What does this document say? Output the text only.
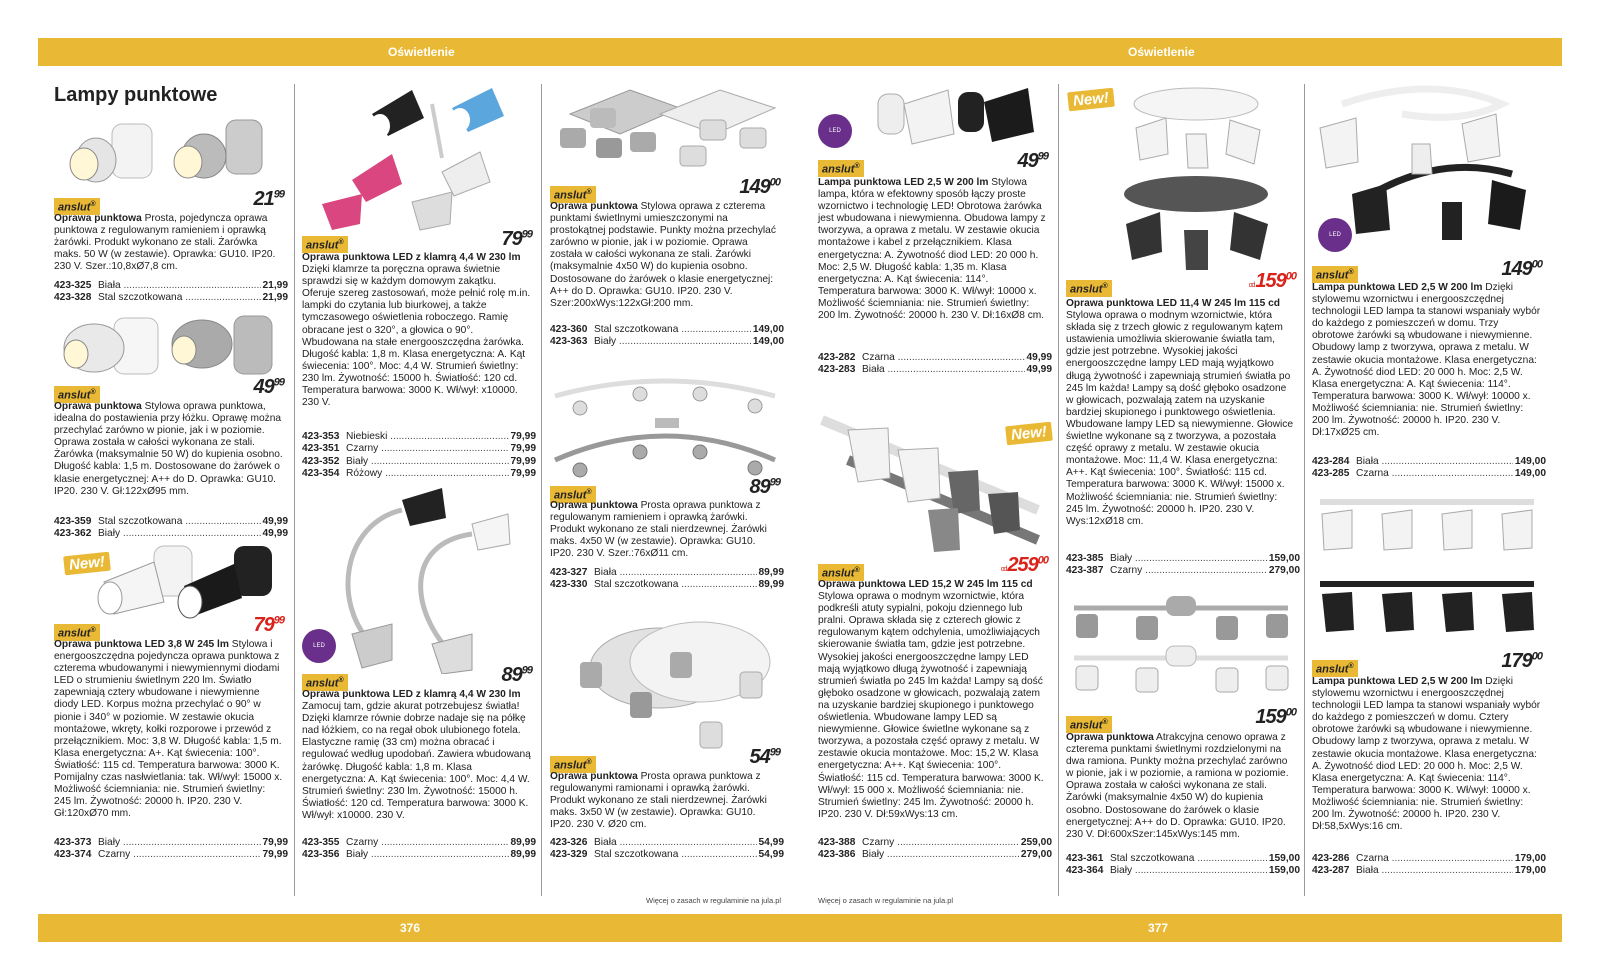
Oświetlenie	Oświetlenie
376	377
Więcej o zasach w regulaminie na jula.pl	Więcej o zasach w regulaminie na jula.pl
Lampy punktowe
anslut ®	$21^{99}$
Oprawa punktowa Prosta, pojedyncza oprawa punktowa z regulowanym ramieniem i oprawką żarówki. Produkt wykonano ze stali. Żarówka maks. 50 W (w zestawie). Oprawka: GU10. IP20. 230 V. Szer.:10,8xØ7,8 cm.
423-325 Biała .....	21,99
423-328 Stal szczotkowana .....	21,99
anslut ®	$49^{99}$
Oprawa punktowa Stylowa oprawa punktowa, idealna do postawienia przy łóżku. Oprawę można przechylać zarówno w pionie, jak i w poziomie. Oprawa została w całości wykonana ze stali. Żarówka (maksymalnie 50 W) do kupienia osobno. Długość kabla: 1,5 m. Dostosowane do żarówek o klasie energetycznej: A++ do D. Oprawka: GU10. IP20. 230 V. Gł:122xØ95 mm.
423-359 Stal szczotkowana .....	49,99
423-362 Biały .....	49,99
New!
anslut ®	$79^{99}$
Oprawa punktowa LED 3,8 W 245 lm Stylowa i energooszczędna pojedyncza oprawa punktowa z czterema wbudowanymi i niewymiennymi diodami LED o strumieniu świetlnym 220 lm. Światło zapewniają cztery wbudowane i niewymienne diody LED. Korpus można przechylać o 90° w pionie i 340° w poziomie. W zestawie okucia montażowe, wkręty, kołki rozporowe i przewód z przełącznikiem. Moc: 3,8 W. Długość kabla: 1,5 m. Klasa energetyczna: A+. Kąt świecenia: 100°. Światłość: 115 cd. Temperatura barwowa: 3000 K. Pomijalny czas nasłwietlania: tak. Wł/wył: 15000 x. Możliwość ściemniania: nie. Strumień świetlny: 245 lm. Żywotność: 20000 h. IP20. 230 V. Gł:120xØ70 mm.
423-373 Biały .....	79,99
423-374 Czarny .....	79,99
anslut ®	$79^{99}$
Oprawa punktowa LED z klamrą 4,4 W 230 lm Dzięki klamrze ta poręczna oprawa świetnie sprawdzi się w każdym domowym zakątku. Oferuje szereg zastosowań, może pełnić rolę m.in. lampki do czytania lub biurkowej, a także tymczasowego oświetlenia roboczego. Ramię obracane jest o 320°, a głowica o 90°. Wbudowana na stałe energooszczędna żarówka. Długość kabla: 1,8 m. Klasa energetyczna: A. Kąt świecenia: 100°. Moc: 4,4 W. Strumień świetlny: 230 lm. Żywotność: 15000 h. Światłość: 120 cd. Temperatura barwowa: 3000 K. Wł/wył: x10000. 230 V.
423-353 Niebieski .....	79,99
423-351 Czarny .....	79,99
423-352 Biały .....	79,99
423-354 Różowy .....	79,99
LED
anslut ®	$89^{99}$
Oprawa punktowa LED z klamrą 4,4 W 230 lm Zamocuj tam, gdzie akurat potrzebujesz światła! Dzięki klamrze równie dobrze nadaje się na półkę nad łóżkiem, co na regał obok ulubionego fotela. Elastyczne ramię (33 cm) można obracać i regulować według upodobań. Zawiera wbudowaną żarówkę. Długość kabla: 1,8 m. Klasa energetyczna: A. Kąt świecenia: 100°. Moc: 4,4 W. Strumień świetlny: 230 lm. Żywotność: 15000 h. Światłość: 120 cd. Temperatura barwowa: 3000 K. Wł/wył: x10000. 230 V.
423-355 Czarny .....	89,99
423-356 Biały .....	89,99
anslut ®	$149^{00}$
Oprawa punktowa Stylowa oprawa z czterema punktami świetlnymi umieszczonymi na prostokątnej podstawie. Punkty można przechylać zarówno w pionie, jak i w poziomie. Oprawa została w całości wykonana ze stali. Żarówki (maksymalnie 4x50 W) do kupienia osobno. Dostosowane do żarówek o klasie energetycznej: A++ do D. Oprawka: GU10. IP20. 230 V. Szer:200xWys:122xGł:200 mm.
423-360 Stal szczotkowana .....	149,00
423-363 Biały .....	149,00
anslut ®	$89^{99}$
Oprawa punktowa Prosta oprawa punktowa z regulowanym ramieniem i oprawką żarówki. Produkt wykonano ze stali nierdzewnej. Żarówki maks. 4x50 W (w zestawie). Oprawka: GU10. IP20. 230 V. Szer.:76xØ11 cm.
423-327 Biała .....	89,99
423-330 Stal szczotkowana .....	89,99
anslut ®	$54^{99}$
Oprawa punktowa Prosta oprawa punktowa z regulowanymi ramionami i oprawką żarówki. Produkt wykonano ze stali nierdzewnej. Żarówki maks. 3x50 W (w zestawie). Oprawka: GU10. IP20. 230 V. Ø20 cm.
423-326 Biała .....	54,99
423-329 Stal szczotkowana .....	54,99
LED
anslut ®	$49^{99}$
Lampa punktowa LED 2,5 W 200 lm Stylowa lampa, która w efektowny sposób łączy proste wzornictwo i technologię LED! Obrotowa żarówka jest wbudowana i niewymienna. Obudowa lampy z tworzywa, a oprawa z metalu. W zestawie okucia montażowe i kabel z przełącznikiem. Klasa energetyczna: A. Żywotność diod LED: 20 000 h. Moc: 2,5 W. Długość kabla: 1,35 m. Klasa energetyczna: A. Kąt świecenia: 114°. Temperatura barwowa: 3000 K. Wł/wył: 10000 x. Możliwość ściemniania: nie. Strumień świetlny: 200 lm. Żywotność: 20000 h. 230 V. Dł:16xØ8 cm.
423-282 Czarna .....	49,99
423-283 Biała .....	49,99
New!
anslut ®	$od259^{00}$
Oprawa punktowa LED 15,2 W 245 lm 115 cd Stylowa oprawa o modnym wzornictwie, która podkreśli atuty sypialni, pokoju dziennego lub pralni. Oprawa składa się z czterech głowic z regulowanym kątem odchylenia, umożliwiających skierowanie światła tam, gdzie jest potrzebne. Wysokiej jakości energooszczędne lampy LED mają wyjątkowo długą żywotność i zapewniają strumień światła po 245 lm każda! Lampy są dość głęboko osadzone w głowicach, pozwalają zatem na uzyskanie bardziej skupionego i punktowego oświetlenia. Wbudowane lampy LED są niewymienne. Głowice świetlne wykonane są z tworzywa, a pozostała część oprawy z metalu. W zestawie okucia montażowe. Moc: 15,2 W. Klasa energetyczna: A++. Kąt świecenia: 100°. Światłość: 115 cd. Temperatura barwowa: 3000 K. Wł/wył: 15 000 x. Możliwość ściemniania: nie. Strumień świetlny: 245 lm. Żywotność: 20000 h. IP20. 230 V. Dł:59xWys:13 cm.
423-388 Czarny .....	259,00
423-386 Biały .....	279,00
New!
anslut ®	$od159^{00}$
Oprawa punktowa LED 11,4 W 245 lm 115 cd Stylowa oprawa o modnym wzornictwie, która składa się z trzech głowic z regulowanym kątem ustawienia umożliwia skierowanie światła tam, gdzie jest potrzebne. Wysokiej jakości energooszczędne lampy LED mają wyjątkowo długą żywotność i zapewniają strumień światła po 245 lm każda! Lampy są dość głęboko osadzone w głowicach, pozwalają zatem na uzyskanie bardziej skupionego i punktowego oświetlenia. Wbudowane lampy LED są niewymienne. Głowice świetlne wykonane są z tworzywa, a pozostała część oprawy z metalu. W zestawie okucia montażowe. Moc: 11,4 W. Klasa energetyczna: A++. Kąt świecenia: 100°. Światłość: 115 cd. Temperatura barwowa: 3000 K. Wł/wył: 15000 x. Możliwość ściemniania: nie. Strumień świetlny: 245 lm. Żywotność: 20000 h. IP20. 230 V. Wys:12xØ18 cm.
423-385 Biały .....	159,00
423-387 Czarny .....	279,00
anslut ®	$159^{00}$
Oprawa punktowa Atrakcyjna cenowo oprawa z czterema punktami świetlnymi rozdzielonymi na dwa ramiona. Punkty można przechylać zarówno w pionie, jak i w poziomie, a ramiona w poziomie. Oprawa została w całości wykonana ze stali. Żarówki (maksymalnie 4x50 W) do kupienia osobno. Dostosowane do żarówek o klasie energetycznej: A++ do D. Oprawka: GU10. IP20. 230 V. Dł:600xSzer:145xWys:145 mm.
423-361 Stal szczotkowana .....	159,00
423-364 Biały .....	159,00
LED
anslut ®	$149^{00}$
Lampa punktowa LED 2,5 W 200 lm Dzięki stylowemu wzornictwu i energooszczędnej technologii LED lampa ta stanowi wspaniały wybór do każdego z pomieszczeń w domu. Trzy obrotowe żarówki są wbudowane i niewymienne. Obudowy lamp z tworzywa, oprawa z metalu. W zestawie okucia montażowe. Klasa energetyczna: A. Żywotność diod LED: 20 000 h. Moc: 2,5 W. Klasa energetyczna: A. Kąt świecenia: 114°. Temperatura barwowa: 3000 K. Wł/wył: 10000 x. Możliwość ściemniania: nie. Strumień świetlny: 200 lm. Żywotność: 20000 h. IP20. 230 V. Dł:17xØ25 cm.
423-284 Biała .....	149,00
423-285 Czarna .....	149,00
anslut ®	$179^{00}$
Lampa punktowa LED 2,5 W 200 lm Dzięki stylowemu wzornictwu i energooszczędnej technologii LED lampa ta stanowi wspaniały wybór do każdego z pomieszczeń w domu. Cztery obrotowe żarówki są wbudowane i niewymienne. Obudowy lamp z tworzywa, oprawa z metalu. W zestawie okucia montażowe. Klasa energetyczna: A. Żywotność diod LED: 20 000 h. Moc: 2,5 W. Klasa energetyczna: A. Kąt świecenia: 114°. Temperatura barwowa: 3000 K. Wł/wył: 10000 x. Możliwość ściemniania: nie. Strumień świetlny: 200 lm. Żywotność: 20000 h. IP20. 230 V. Dł:58,5xWys:16 cm.
423-286 Czarna .....	179,00
423-287 Biała .....	179,00
